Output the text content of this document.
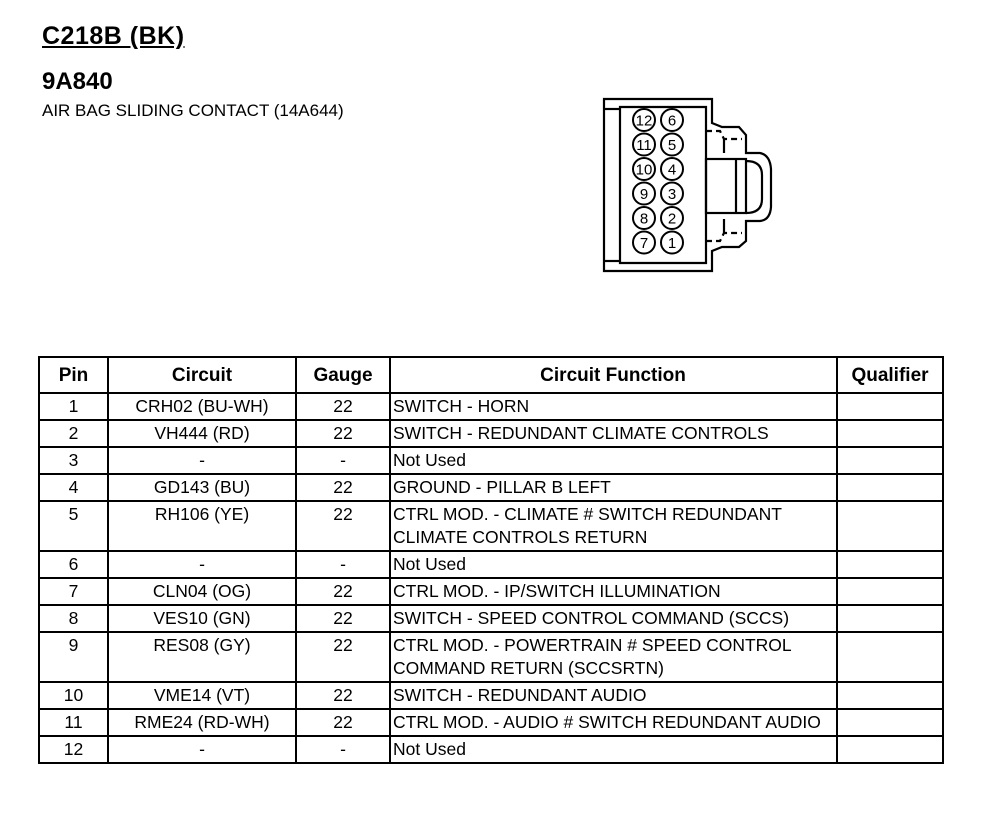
C218B (BK)
9A840
AIR BAG SLIDING CONTACT (14A644)
12 6
11 5
10 4
9 3
8 2
7 1
Pin	Circuit	Gauge	Circuit Function	Qualifier
1	CRH02 (BU-WH)	22	SWITCH - HORN	
2	VH444 (RD)	22	SWITCH - REDUNDANT CLIMATE CONTROLS	
3	-	-	Not Used	
4	GD143 (BU)	22	GROUND - PILLAR B LEFT	
5	RH106 (YE)	22	CTRL MOD. - CLIMATE # SWITCH REDUNDANT CLIMATE CONTROLS RETURN	
6	-	-	Not Used	
7	CLN04 (OG)	22	CTRL MOD. - IP/SWITCH ILLUMINATION	
8	VES10 (GN)	22	SWITCH - SPEED CONTROL COMMAND (SCCS)	
9	RES08 (GY)	22	CTRL MOD. - POWERTRAIN # SPEED CONTROL COMMAND RETURN (SCCSRTN)	
10	VME14 (VT)	22	SWITCH - REDUNDANT AUDIO	
11	RME24 (RD-WH)	22	CTRL MOD. - AUDIO # SWITCH REDUNDANT AUDIO	
12	-	-	Not Used	
